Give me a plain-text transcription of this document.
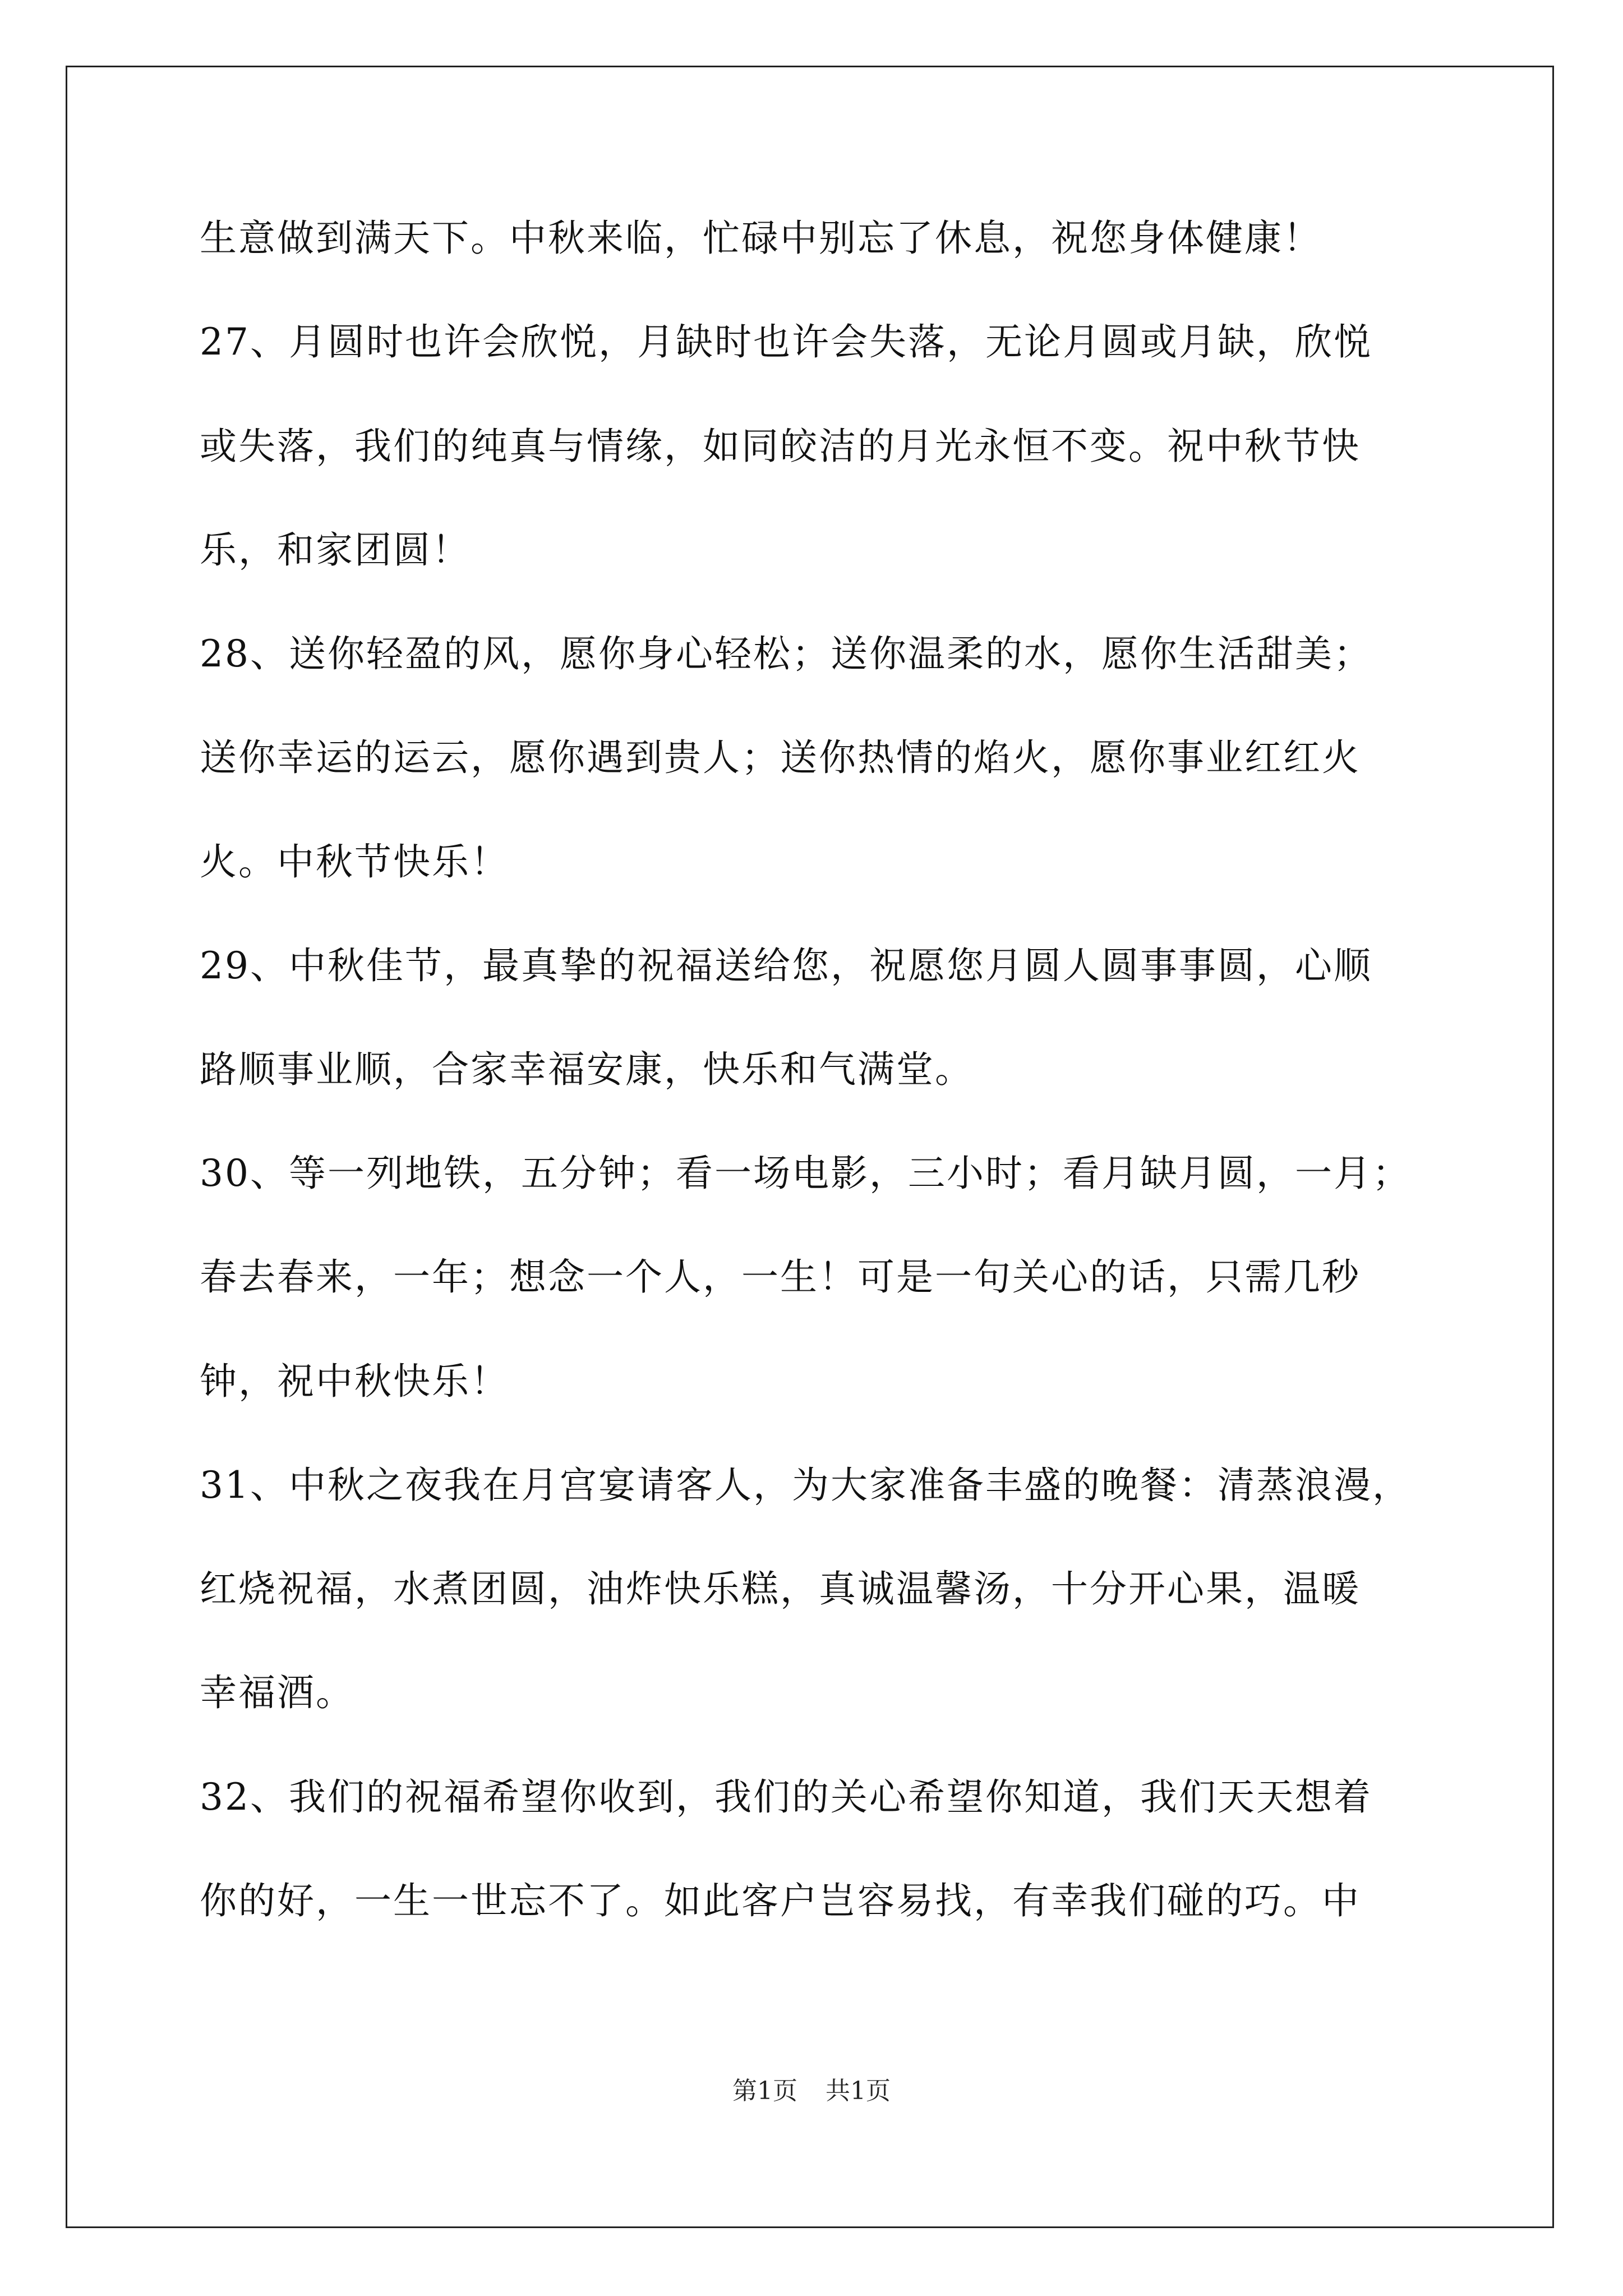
生意做到满天下。中秋来临，忙碌中别忘了休息，祝您身体健康！
27、月圆时也许会欣悦，月缺时也许会失落，无论月圆或月缺，欣悦
或失落，我们的纯真与情缘，如同皎洁的月光永恒不变。祝中秋节快
乐，和家团圆！
28、送你轻盈的风，愿你身心轻松；送你温柔的水，愿你生活甜美；
送你幸运的运云，愿你遇到贵人；送你热情的焰火，愿你事业红红火
火。中秋节快乐！
29、中秋佳节，最真挚的祝福送给您，祝愿您月圆人圆事事圆，心顺
路顺事业顺，合家幸福安康，快乐和气满堂。
30、等一列地铁，五分钟；看一场电影，三小时；看月缺月圆，一月；
春去春来，一年；想念一个人，一生！可是一句关心的话，只需几秒
钟，祝中秋快乐！
31、中秋之夜我在月宫宴请客人，为大家准备丰盛的晚餐：清蒸浪漫，
红烧祝福，水煮团圆，油炸快乐糕，真诚温馨汤，十分开心果，温暖
幸福酒。
32、我们的祝福希望你收到，我们的关心希望你知道，我们天天想着
你的好，一生一世忘不了。如此客户岂容易找，有幸我们碰的巧。中
第1页 共1页
